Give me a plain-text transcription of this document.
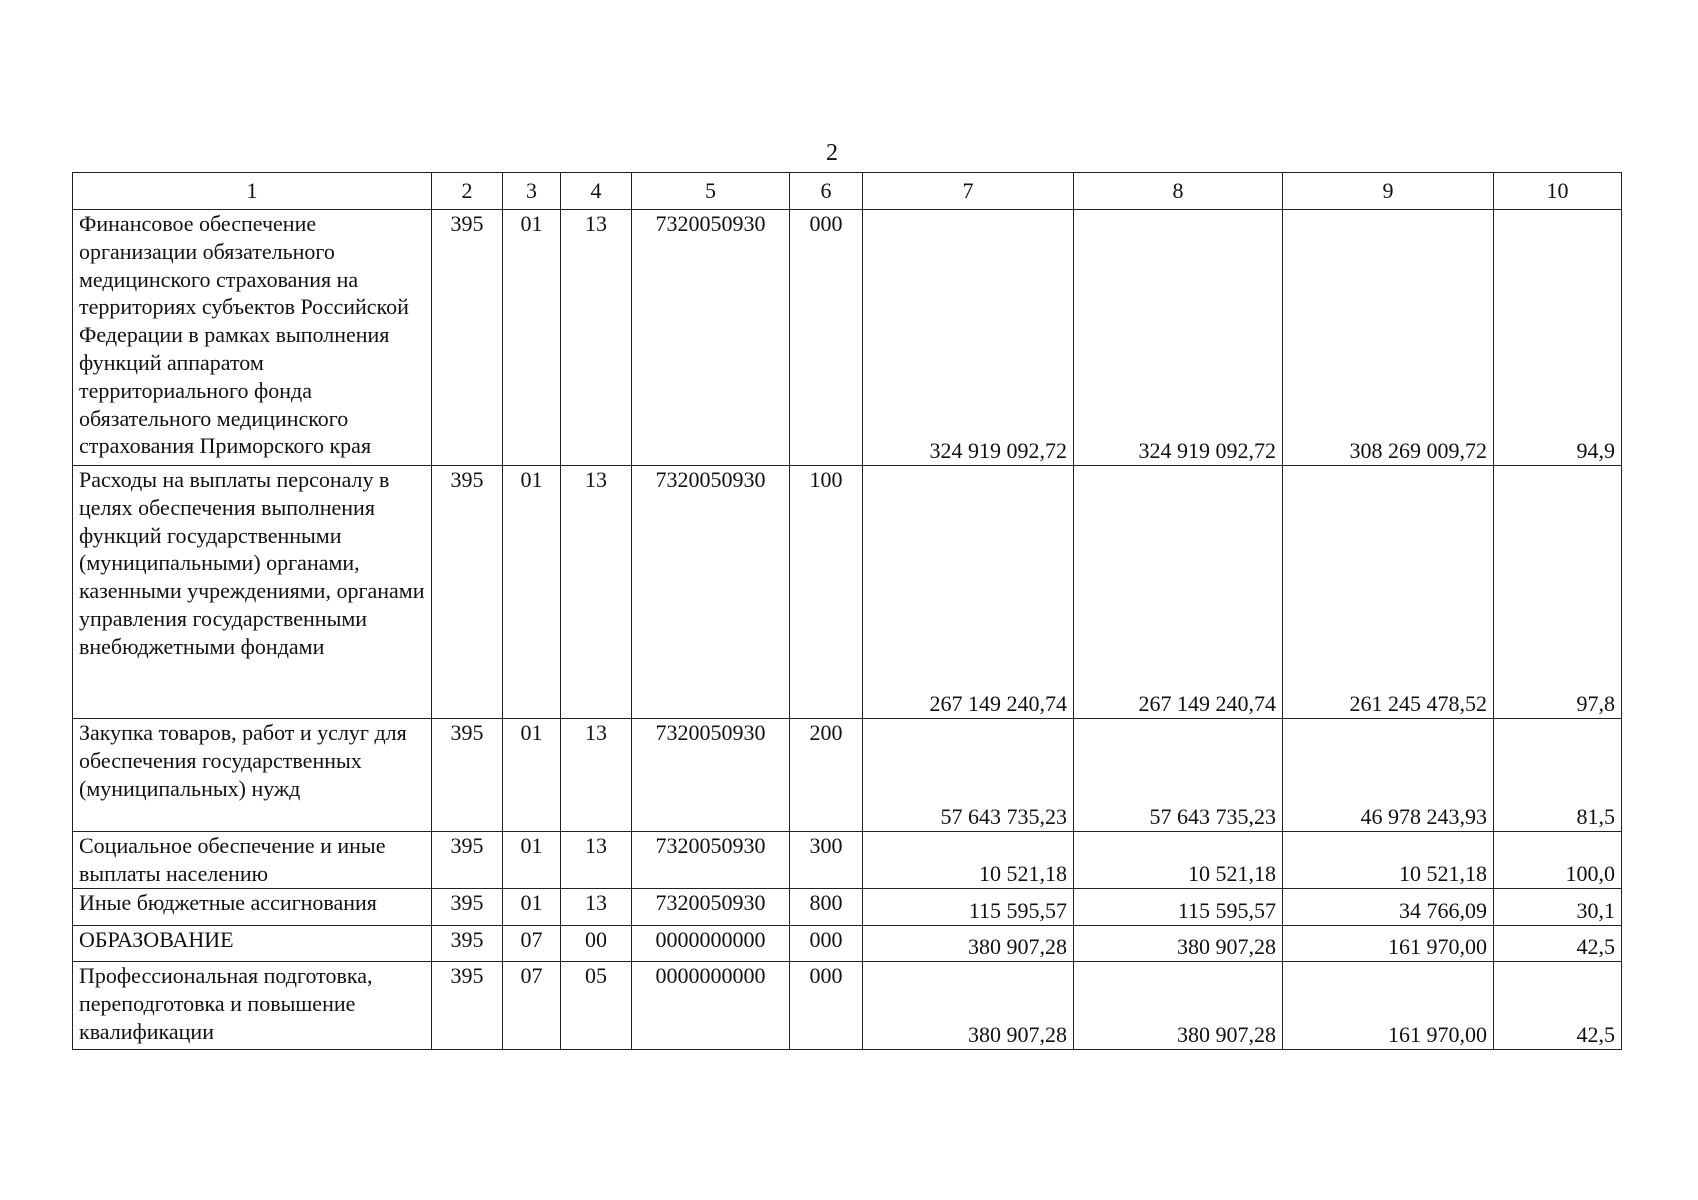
2
1	2	3	4	5	6	7	8	9	10
Финансовое обеспечение организации обязательного медицинского страхования на территориях субъектов Российской Федерации в рамках выполнения функций аппаратом территориального фонда обязательного медицинского страхования Приморского края	395	01	13	7320050930	000	324 919 092,72	324 919 092,72	308 269 009,72	94,9
Расходы на выплаты персоналу в целях обеспечения выполнения функций государственными (муниципальными) органами, казенными учреждениями, органами управления государственными внебюджетными фондами	395	01	13	7320050930	100	267 149 240,74	267 149 240,74	261 245 478,52	97,8
Закупка товаров, работ и услуг для обеспечения государственных (муниципальных) нужд	395	01	13	7320050930	200	57 643 735,23	57 643 735,23	46 978 243,93	81,5
Социальное обеспечение и иные выплаты населению	395	01	13	7320050930	300	10 521,18	10 521,18	10 521,18	100,0
Иные бюджетные ассигнования	395	01	13	7320050930	800	115 595,57	115 595,57	34 766,09	30,1
ОБРАЗОВАНИЕ	395	07	00	0000000000	000	380 907,28	380 907,28	161 970,00	42,5
Профессиональная подготовка, переподготовка и повышение квалификации	395	07	05	0000000000	000	380 907,28	380 907,28	161 970,00	42,5
